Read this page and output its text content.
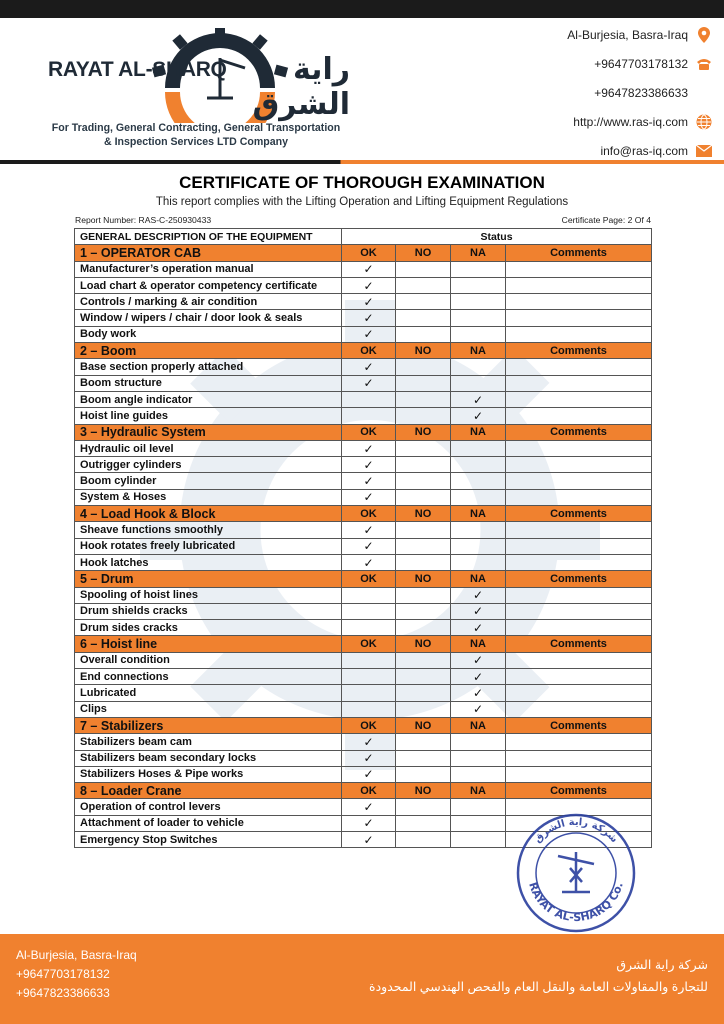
RAYAT AL-SHARQ	راية الشرق
For Trading, General Contracting, General Transportation
& Inspection Services LTD Company
Al-Burjesia, Basra-Iraq
+9647703178132
+9647823386633
http://www.ras-iq.com
info@ras-iq.com
CERTIFICATE OF THOROUGH EXAMINATION
This report complies with the Lifting Operation and Lifting Equipment Regulations
Report Number: RAS-C-250930433	Certificate Page: 2 Of 4
GENERAL DESCRIPTION OF THE EQUIPMENT	Status			
1 – OPERATOR CAB	OK	NO	NA	Comments
Manufacturer’s operation manual	✓			
Load chart & operator competency certificate	✓			
Controls / marking & air condition	✓			
Window / wipers / chair / door look & seals	✓			
Body work	✓			
2 – Boom	OK	NO	NA	Comments
Base section properly attached	✓			
Boom structure	✓			
Boom angle indicator			✓	
Hoist line guides			✓	
3 – Hydraulic System	OK	NO	NA	Comments
Hydraulic oil level	✓			
Outrigger cylinders	✓			
Boom cylinder	✓			
System & Hoses	✓			
4 – Load Hook & Block	OK	NO	NA	Comments
Sheave functions smoothly	✓			
Hook rotates freely lubricated	✓			
Hook latches	✓			
5 – Drum	OK	NO	NA	Comments
Spooling of hoist lines			✓	
Drum shields cracks			✓	
Drum sides cracks			✓	
6 – Hoist line	OK	NO	NA	Comments
Overall condition			✓	
End connections			✓	
Lubricated			✓	
Clips			✓	
7 – Stabilizers	OK	NO	NA	Comments
Stabilizers beam cam	✓			
Stabilizers beam secondary locks	✓			
Stabilizers Hoses & Pipe works	✓			
8 – Loader Crane	OK	NO	NA	Comments
Operation of control levers	✓			
Attachment of loader to vehicle	✓			
Emergency Stop Switches	✓			
RAYAT AL-SHARQ Co.
شركة راية الشرق
Al-Burjesia, Basra-Iraq
+9647703178132
+9647823386633
شركة راية الشرق
للتجارة والمقاولات العامة والنقل العام والفحص الهندسي المحدودة
